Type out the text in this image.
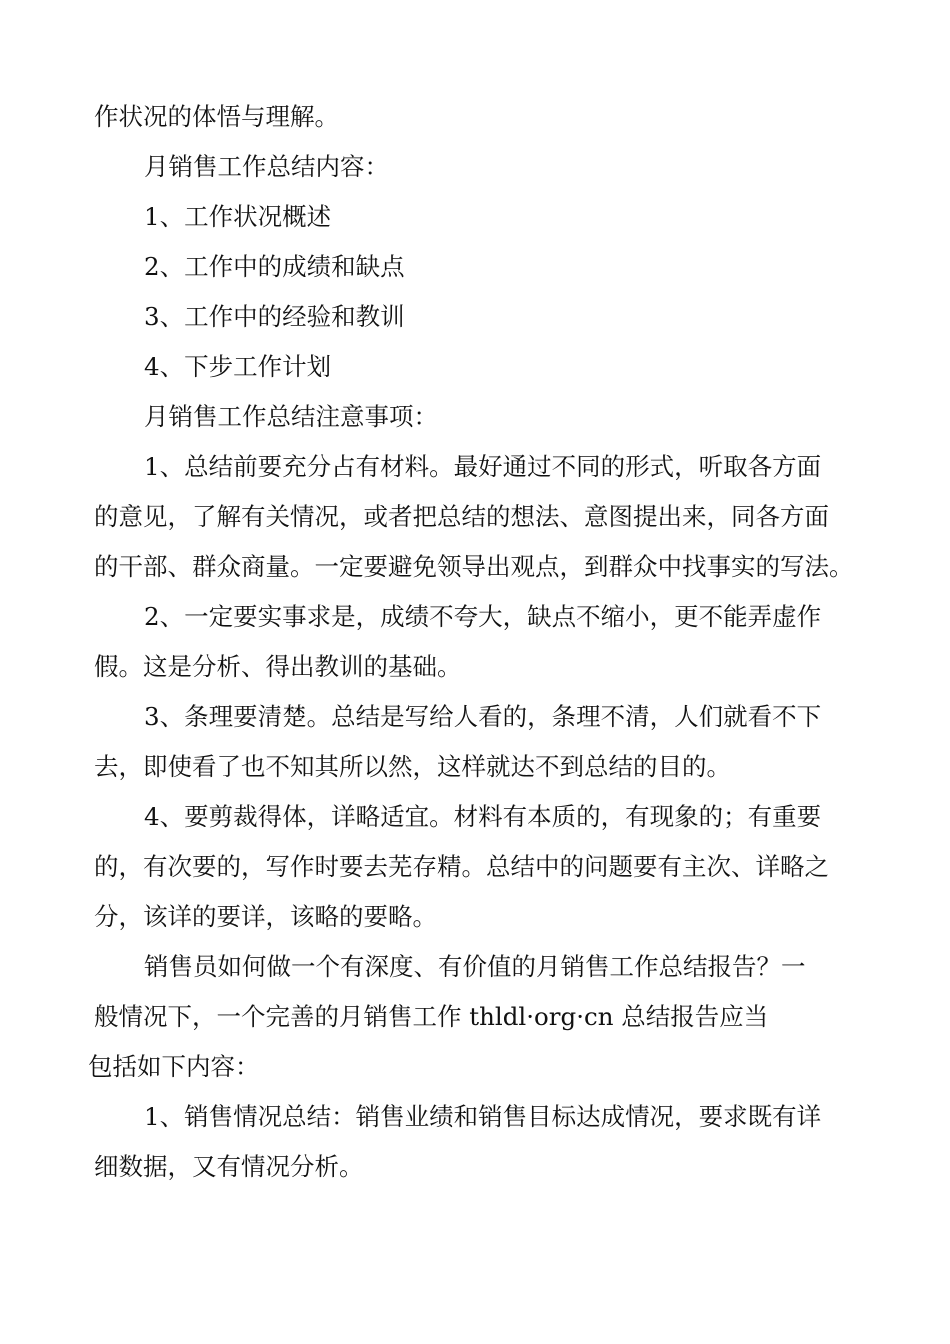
作状况的体悟与理解。
月销售工作总结内容：
1、工作状况概述
2、工作中的成绩和缺点
3、工作中的经验和教训
4、下步工作计划
月销售工作总结注意事项：
1、总结前要充分占有材料。最好通过不同的形式，听取各方面
的意见，了解有关情况，或者把总结的想法、意图提出来，同各方面
的干部、群众商量。一定要避免领导出观点，到群众中找事实的写法。
2、一定要实事求是，成绩不夸大，缺点不缩小，更不能弄虚作
假。这是分析、得出教训的基础。
3、条理要清楚。总结是写给人看的，条理不清，人们就看不下
去，即使看了也不知其所以然，这样就达不到总结的目的。
4、要剪裁得体，详略适宜。材料有本质的，有现象的；有重要
的，有次要的，写作时要去芜存精。总结中的问题要有主次、详略之
分，该详的要详，该略的要略。
销售员如何做一个有深度、有价值的月销售工作总结报告？一
般情况下，一个完善的月销售工作 thldl·org·cn 总结报告应当
包括如下内容：
1、销售情况总结：销售业绩和销售目标达成情况，要求既有详
细数据，又有情况分析。
